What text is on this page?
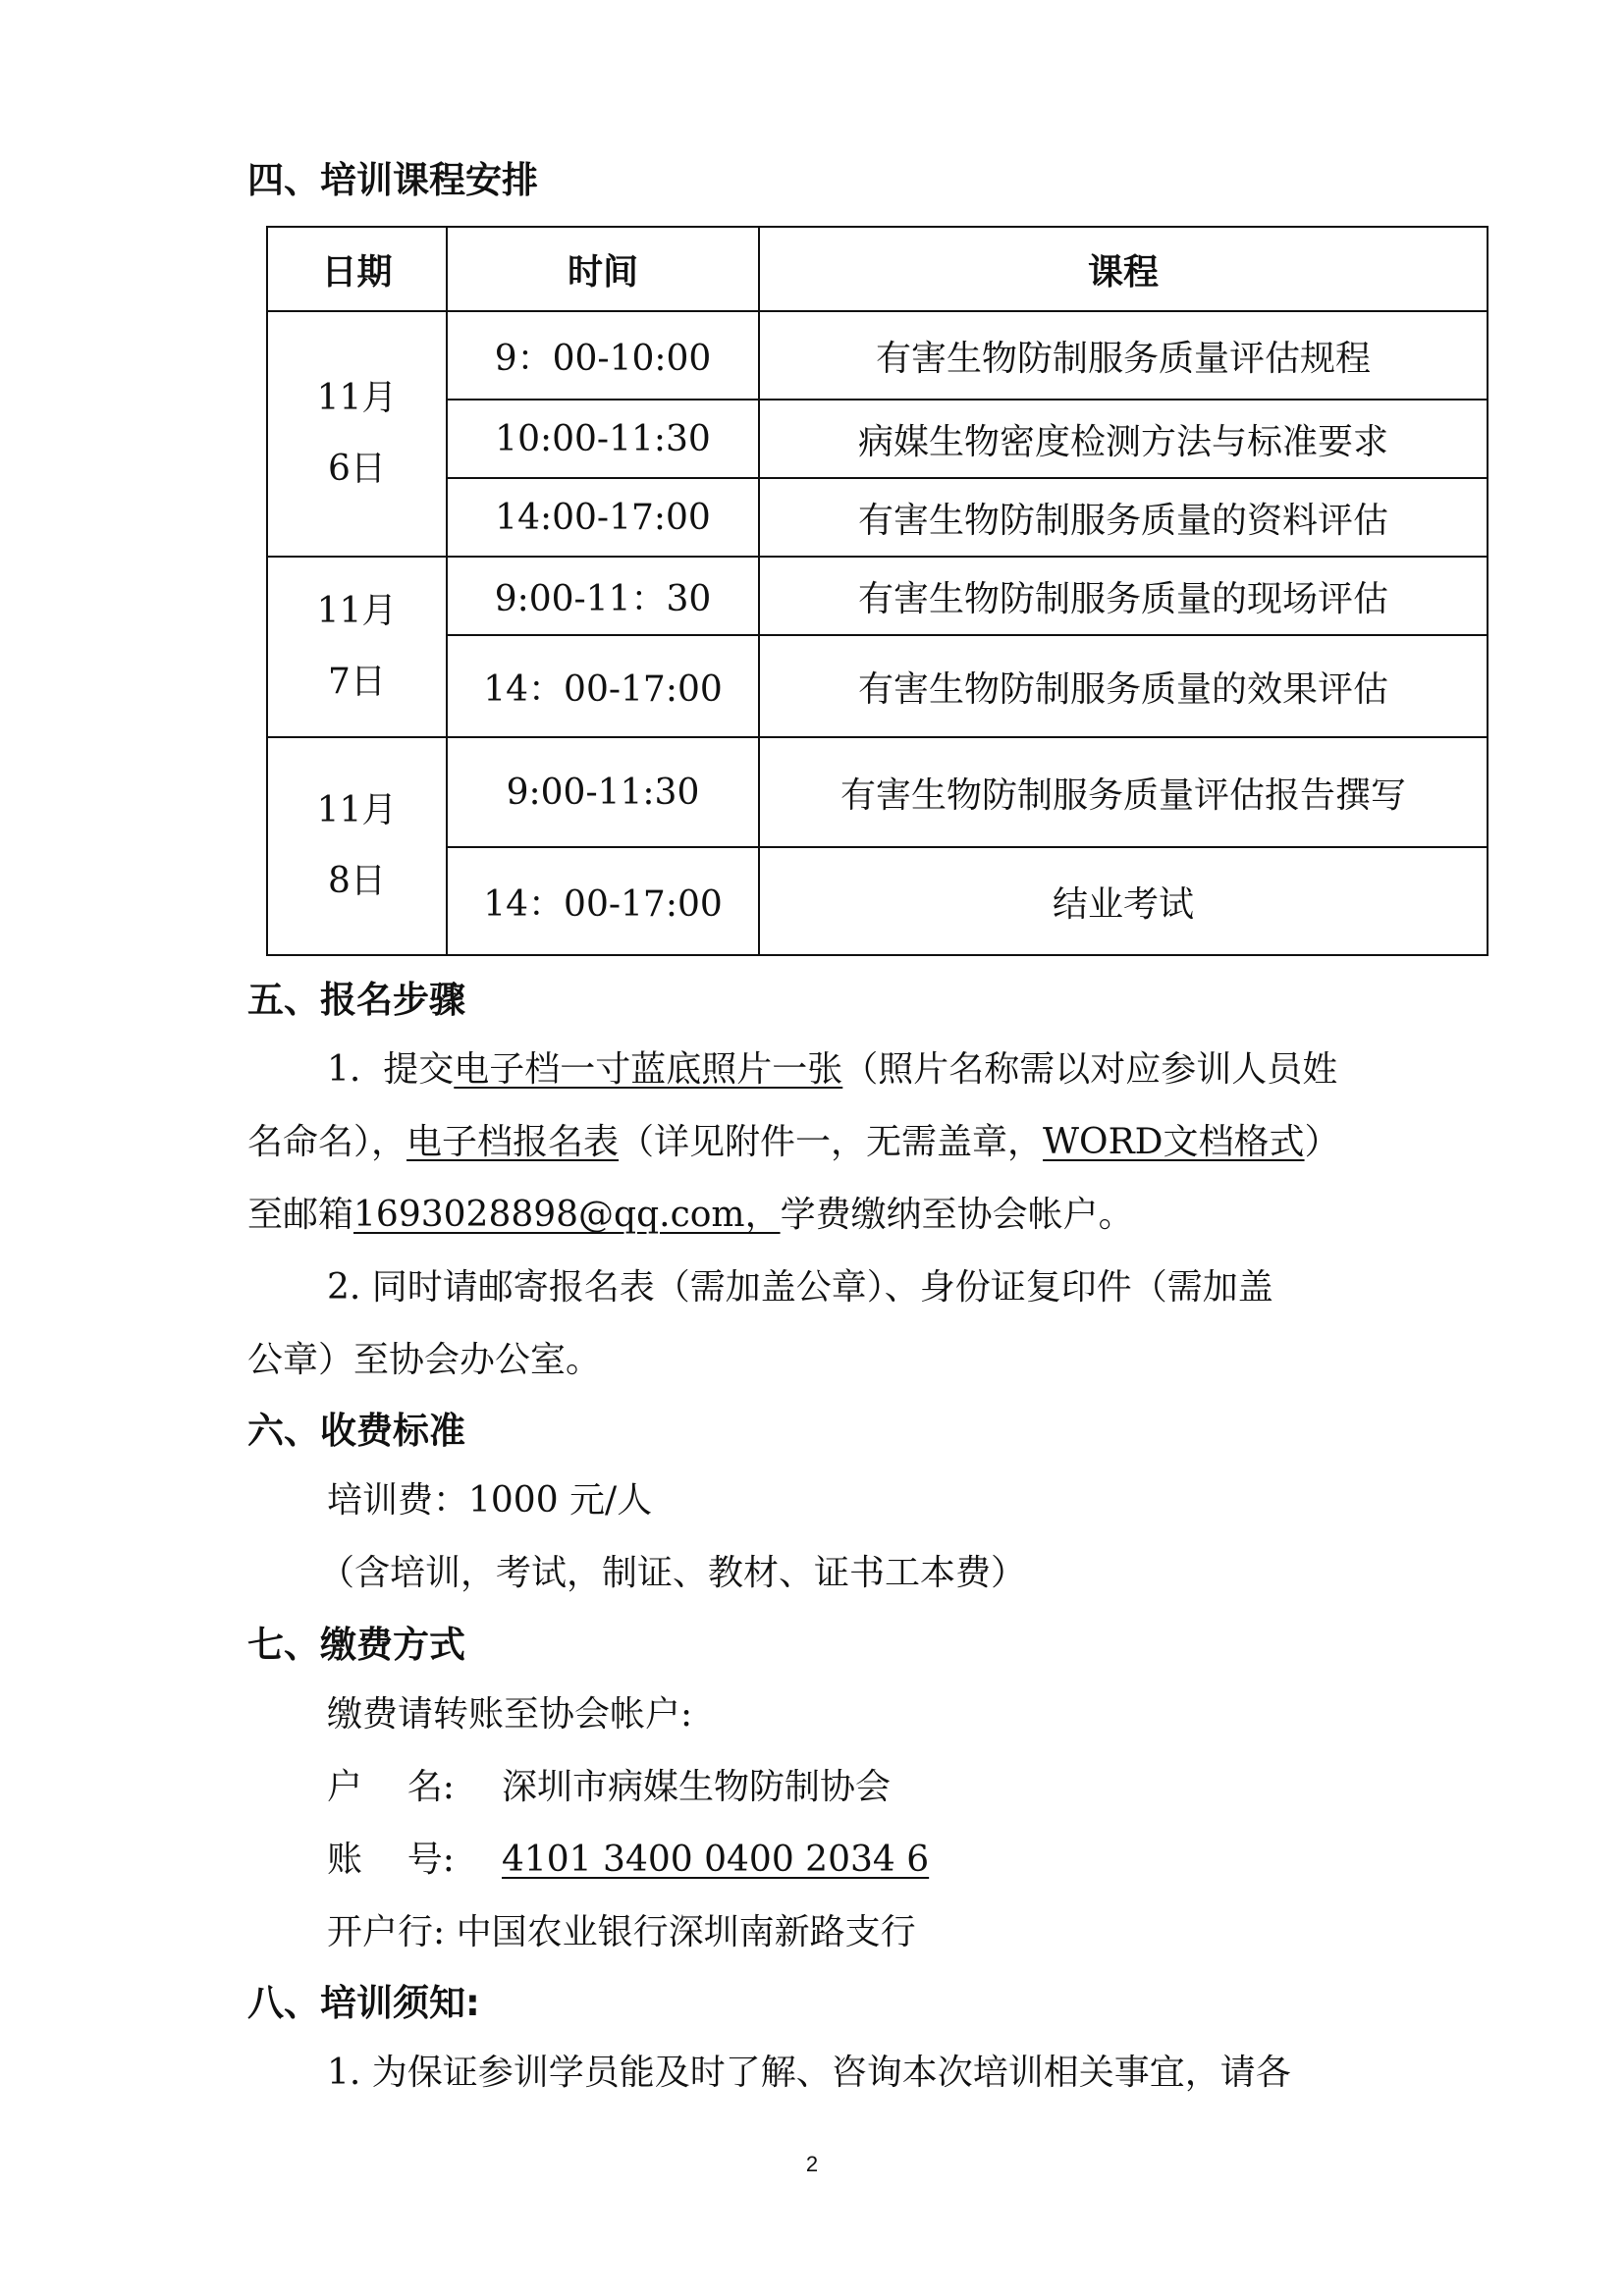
四、培训课程安排
日期	时间	课程
11月6日	9：00-10:00	有害生物防制服务质量评估规程
	10:00-11:30	病媒生物密度检测方法与标准要求
	14:00-17:00	有害生物防制服务质量的资料评估
11月7日	9:00-11：30	有害生物防制服务质量的现场评估
	14：00-17:00	有害生物防制服务质量的效果评估
11月8日	9:00-11:30	有害生物防制服务质量评估报告撰写
	14：00-17:00	结业考试
五、报名步骤
1. 提交电子档一寸蓝底照片一张（照片名称需以对应参训人员姓
名命名），电子档报名表（详见附件一，无需盖章，WORD文档格式）
至邮箱1693028898@qq.com，学费缴纳至协会帐户。
2. 同时请邮寄报名表（需加盖公章）、身份证复印件（需加盖
公章）至协会办公室。
六、收费标准
培训费：1000 元/人
（含培训，考试，制证、教材、证书工本费）
七、缴费方式
缴费请转账至协会帐户:
户    名: 深圳市病媒生物防制协会
账    号: 4101 3400 0400 2034 6
开户行: 中国农业银行深圳南新路支行
八、培训须知:
1. 为保证参训学员能及时了解、咨询本次培训相关事宜，请各
2
